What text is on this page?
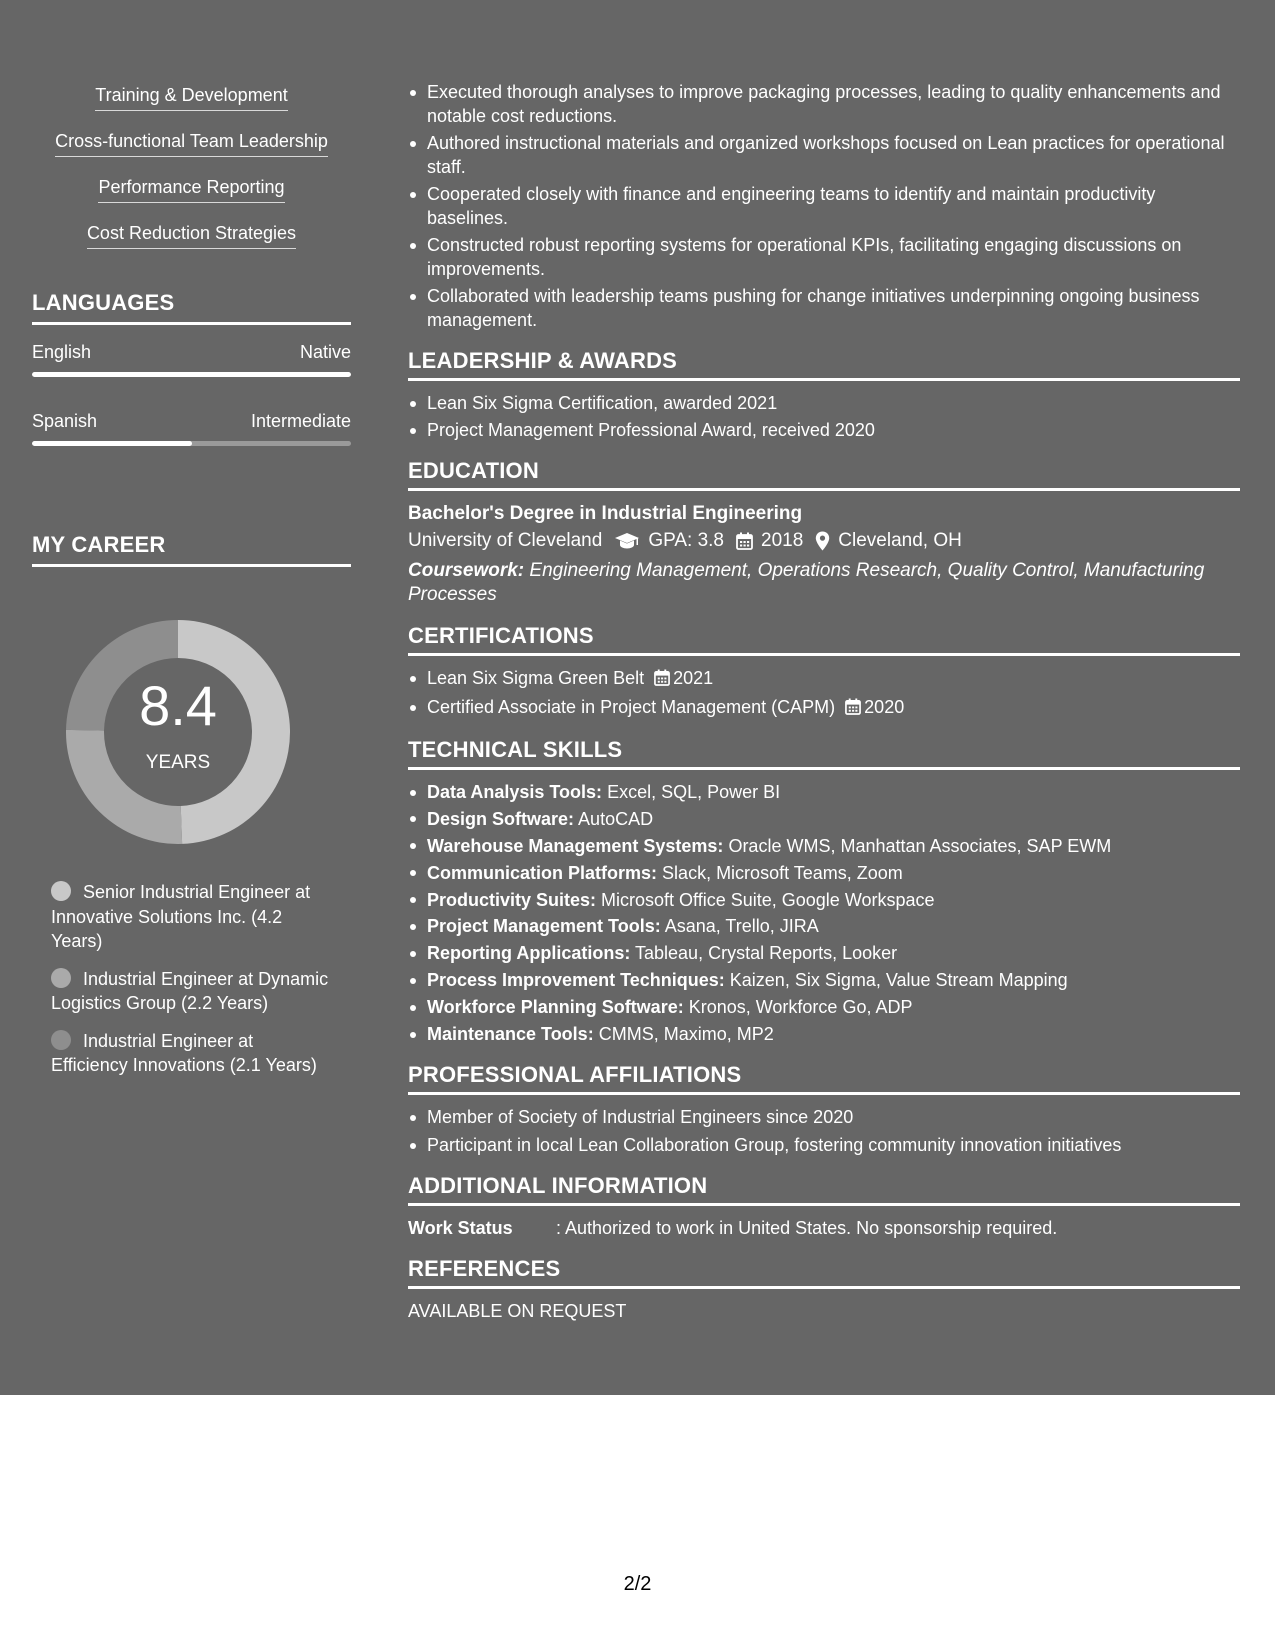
Training & Development
Cross-functional Team Leadership
Performance Reporting
Cost Reduction Strategies
LANGUAGES
English	Native
Spanish	Intermediate
MY CAREER
8.4
YEARS
Senior Industrial Engineer at Innovative Solutions Inc. (4.2 Years)
Industrial Engineer at Dynamic Logistics Group (2.2 Years)
Industrial Engineer at Efficiency Innovations (2.1 Years)
Executed thorough analyses to improve packaging processes, leading to quality enhancements and notable cost reductions.
Authored instructional materials and organized workshops focused on Lean practices for operational staff.
Cooperated closely with finance and engineering teams to identify and maintain productivity baselines.
Constructed robust reporting systems for operational KPIs, facilitating engaging discussions on improvements.
Collaborated with leadership teams pushing for change initiatives underpinning ongoing business management.
LEADERSHIP & AWARDS
Lean Six Sigma Certification, awarded 2021
Project Management Professional Award, received 2020
EDUCATION
Bachelor's Degree in Industrial Engineering
University of Cleveland GPA: 3.8 2018 Cleveland, OH
Coursework: Engineering Management, Operations Research, Quality Control, Manufacturing Processes
CERTIFICATIONS
Lean Six Sigma Green Belt 2021
Certified Associate in Project Management (CAPM) 2020
TECHNICAL SKILLS
Data Analysis Tools: Excel, SQL, Power BI
Design Software: AutoCAD
Warehouse Management Systems: Oracle WMS, Manhattan Associates, SAP EWM
Communication Platforms: Slack, Microsoft Teams, Zoom
Productivity Suites: Microsoft Office Suite, Google Workspace
Project Management Tools: Asana, Trello, JIRA
Reporting Applications: Tableau, Crystal Reports, Looker
Process Improvement Techniques: Kaizen, Six Sigma, Value Stream Mapping
Workforce Planning Software: Kronos, Workforce Go, ADP
Maintenance Tools: CMMS, Maximo, MP2
PROFESSIONAL AFFILIATIONS
Member of Society of Industrial Engineers since 2020
Participant in local Lean Collaboration Group, fostering community innovation initiatives
ADDITIONAL INFORMATION
Work Status	: Authorized to work in United States. No sponsorship required.
REFERENCES
AVAILABLE ON REQUEST
2/2
